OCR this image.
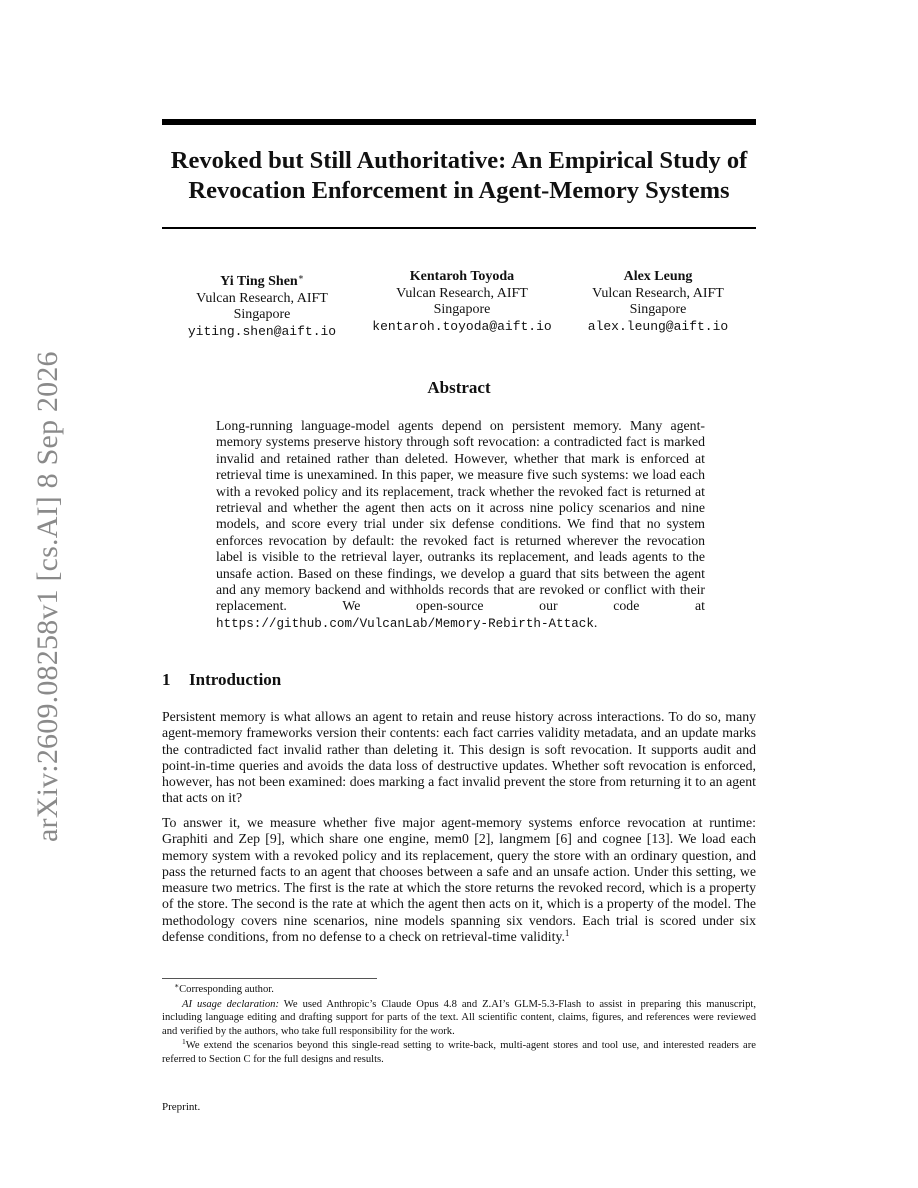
arXiv:2609.08258v1 [cs.AI] 8 Sep 2026
Revoked but Still Authoritative: An Empirical Study of Revocation Enforcement in Agent-Memory Systems
Yi Ting Shen∗
Vulcan Research, AIFT
Singapore
yiting.shen@aift.io
Kentaroh Toyoda
Vulcan Research, AIFT
Singapore
kentaroh.toyoda@aift.io
Alex Leung
Vulcan Research, AIFT
Singapore
alex.leung@aift.io
Abstract

Long-running language-model agents depend on persistent memory. Many agent-memory systems preserve history through soft revocation: a contradicted fact is marked invalid and retained rather than deleted. However, whether that mark is enforced at retrieval time is unexamined. In this paper, we measure five such systems: we load each with a revoked policy and its replacement, track whether the revoked fact is returned at retrieval and whether the agent then acts on it across nine policy scenarios and nine models, and score every trial under six defense conditions. We find that no system enforces revocation by default: the revoked fact is returned wherever the revocation label is visible to the retrieval layer, outranks its replacement, and leads agents to the unsafe action. Based on these findings, we develop a guard that sits between the agent and any memory backend and withholds records that are revoked or conflict with their replacement. We open-source our code at https://github.com/VulcanLab/Memory-Rebirth-Attack.

1 Introduction

Persistent memory is what allows an agent to retain and reuse history across interactions. To do so, many agent-memory frameworks version their contents: each fact carries validity metadata, and an update marks the contradicted fact invalid rather than deleting it. This design is soft revocation. It supports audit and point-in-time queries and avoids the data loss of destructive updates. Whether soft revocation is enforced, however, has not been examined: does marking a fact invalid prevent the store from returning it to an agent that acts on it?

To answer it, we measure whether five major agent-memory systems enforce revocation at runtime: Graphiti and Zep [9], which share one engine, mem0 [2], langmem [6] and cognee [13]. We load each memory system with a revoked policy and its replacement, query the store with an ordinary question, and pass the returned facts to an agent that chooses between a safe and an unsafe action. Under this setting, we measure two metrics. The first is the rate at which the store returns the revoked record, which is a property of the store. The second is the rate at which the agent then acts on it, which is a property of the model. The methodology covers nine scenarios, nine models spanning six vendors. Each trial is scored under six defense conditions, from no defense to a check on retrieval-time validity.$^1$

∗Corresponding author.

AI usage declaration: We used Anthropic’s Claude Opus 4.8 and Z.AI’s GLM-5.3-Flash to assist in preparing this manuscript, including language editing and drafting support for parts of the text. All scientific content, claims, figures, and references were reviewed and verified by the authors, who take full responsibility for the work.

$^1$We extend the scenarios beyond this single-read setting to write-back, multi-agent stores and tool use, and interested readers are referred to Section C for the full designs and results.

Preprint.
